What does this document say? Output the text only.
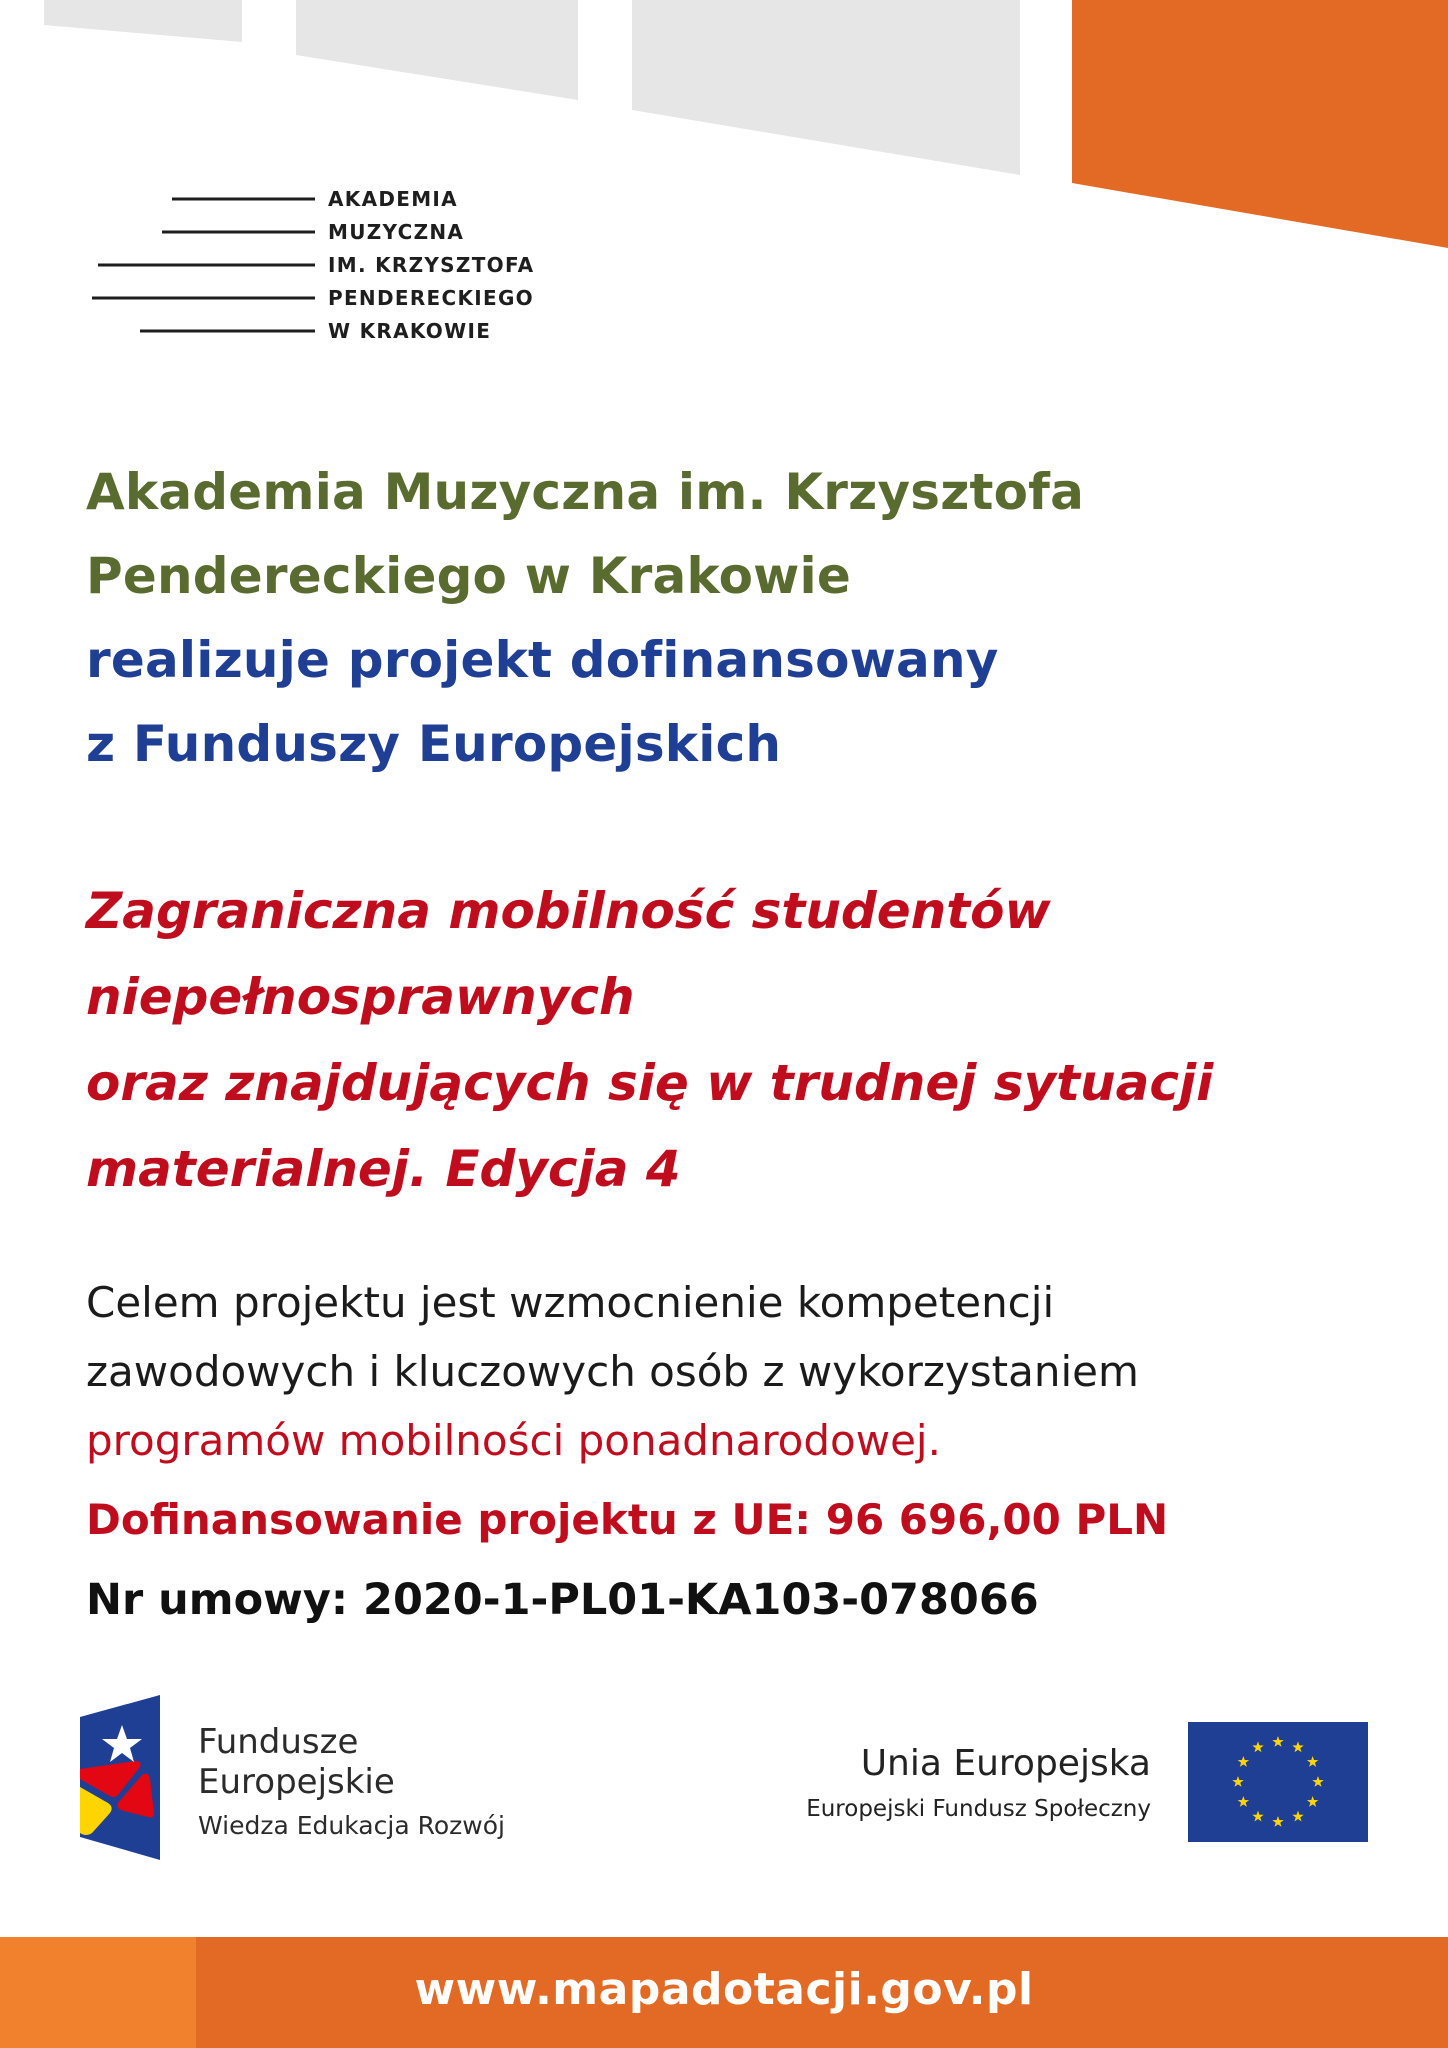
AKADEMIA
MUZYCZNA
IM. KRZYSZTOFA
PENDERECKIEGO
W KRAKOWIE
Akademia Muzyczna im. Krzysztofa
Pendereckiego w Krakowie
realizuje projekt dofinansowany
z Funduszy Europejskich
Zagraniczna mobilność studentów
niepełnosprawnych
oraz znajdujących się w trudnej sytuacji
materialnej. Edycja 4
Celem projektu jest wzmocnienie kompetencji
zawodowych i kluczowych osób z wykorzystaniem
programów mobilności ponadnarodowej.
Dofinansowanie projektu z UE: 96 696,00 PLN
Nr umowy: 2020-1-PL01-KA103-078066
Fundusze
Europejskie
Wiedza Edukacja Rozwój
Unia Europejska
Europejski Fundusz Społeczny
www.mapadotacji.gov.pl
